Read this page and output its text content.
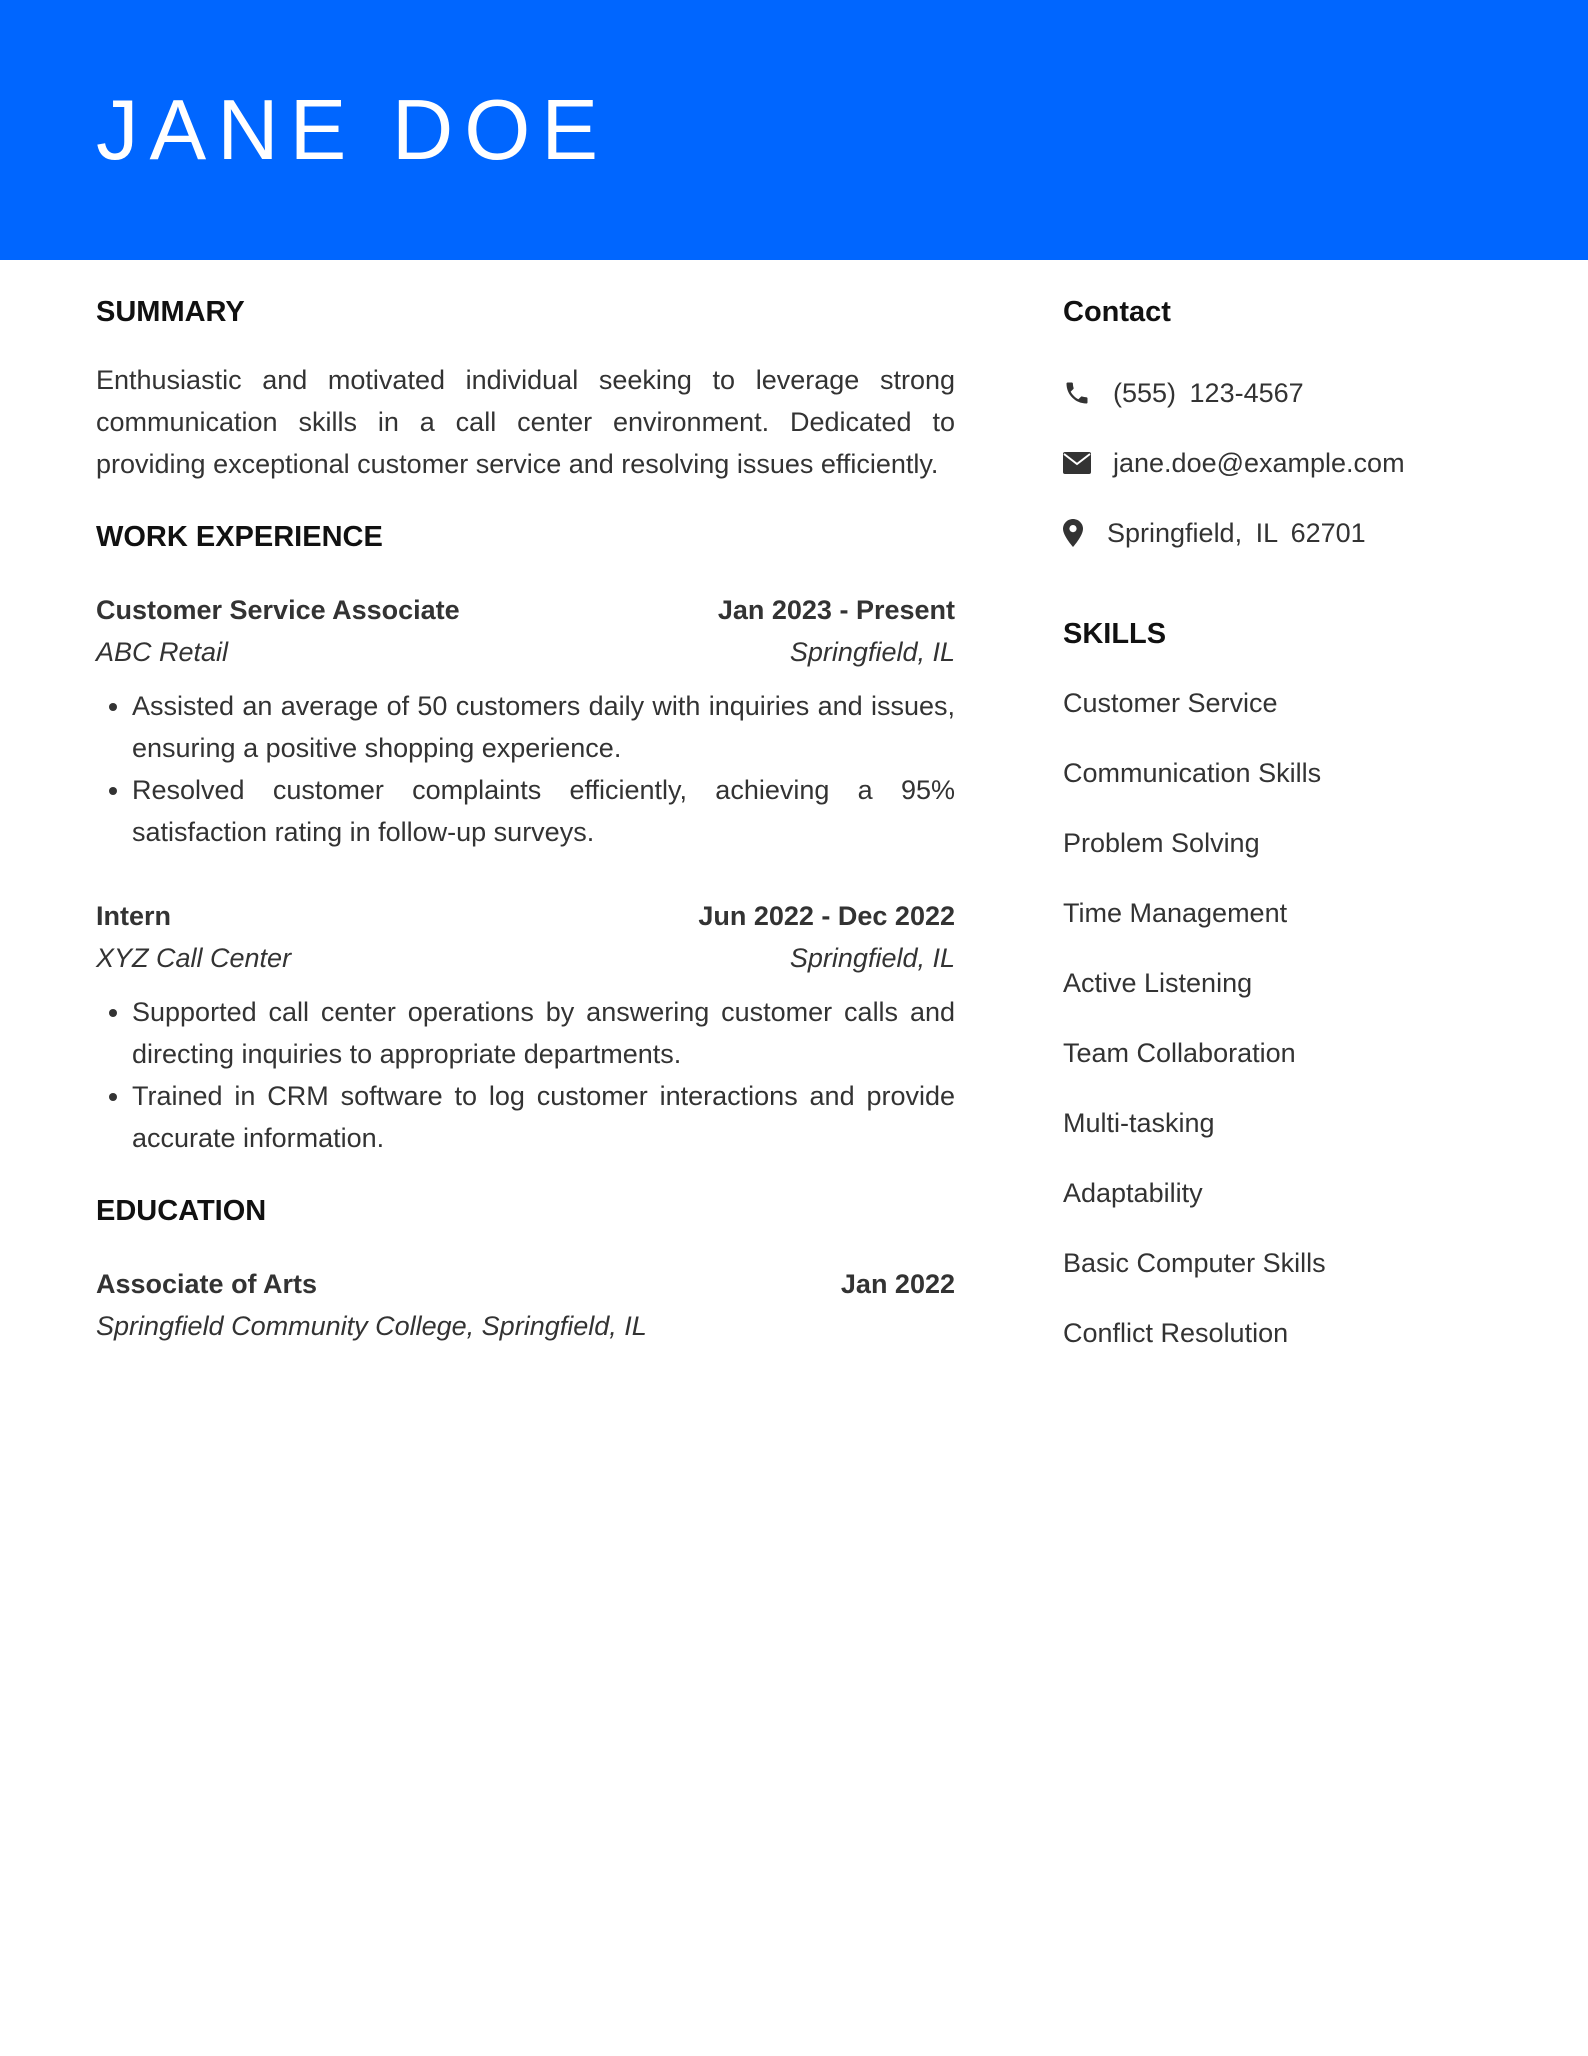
JANE DOE
SUMMARY

Enthusiastic and motivated individual seeking to leverage strong communication skills in a call center environment. Dedicated to providing exceptional customer service and resolving issues efficiently.

WORK EXPERIENCE
Customer Service Associate	Jan 2023 - Present
ABC Retail	Springfield, IL
• Assisted an average of 50 customers daily with inquiries and issues, ensuring a positive shopping experience.
• Resolved customer complaints efficiently, achieving a 95% satisfaction rating in follow-up surveys.
Intern	Jun 2022 - Dec 2022
XYZ Call Center	Springfield, IL
• Supported call center operations by answering customer calls and directing inquiries to appropriate departments.
• Trained in CRM software to log customer interactions and provide accurate information.
EDUCATION
Associate of Arts	Jan 2022
Springfield Community College, Springfield, IL
Contact
(555) 123-4567
jane.doe@example.com
Springfield, IL 62701
SKILLS
Customer Service
Communication Skills
Problem Solving
Time Management
Active Listening
Team Collaboration
Multi-tasking
Adaptability
Basic Computer Skills
Conflict Resolution
